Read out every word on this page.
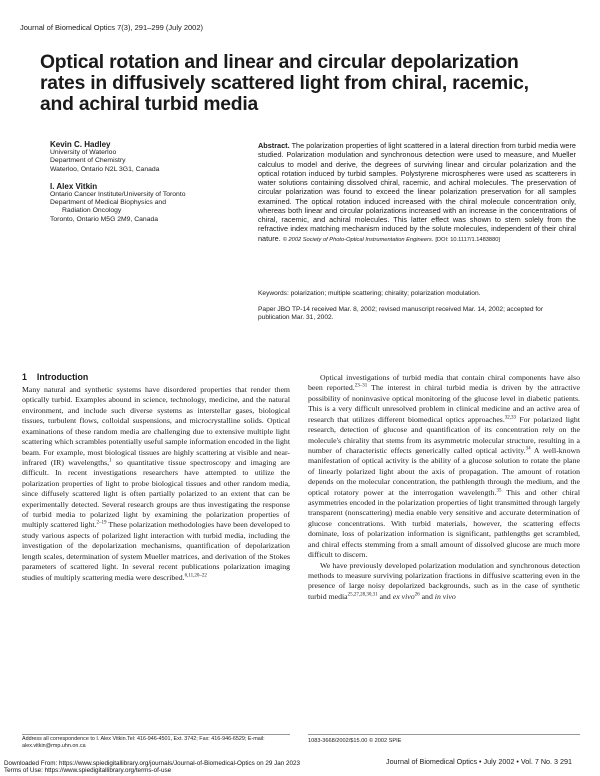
Journal of Biomedical Optics 7(3), 291–299 (July 2002)
Optical rotation and linear and circular depolarization rates in diffusively scattered light from chiral, racemic, and achiral turbid media
Kevin C. Hadley

University of Waterloo

Department of Chemistry

Waterloo, Ontario N2L 3G1, Canada

I. Alex Vitkin

Ontario Cancer Institute/University of Toronto

Department of Medical Biophysics and

Radiation Oncology

Toronto, Ontario M5G 2M9, Canada

Abstract. The polarization properties of light scattered in a lateral direction from turbid media were studied. Polarization modulation and synchronous detection were used to measure, and Mueller calculus to model and derive, the degrees of surviving linear and circular polarization and the optical rotation induced by turbid samples. Polystyrene microspheres were used as scatterers in water solutions containing dissolved chiral, racemic, and achiral molecules. The preservation of circular polarization was found to exceed the linear polarization preservation for all samples examined. The optical rotation induced increased with the chiral molecule concentration only, whereas both linear and circular polarizations increased with an increase in the concentrations of chiral, racemic, and achiral molecules. This latter effect was shown to stem solely from the refractive index matching mechanism induced by the solute molecules, independent of their chiral nature. © 2002 Society of Photo-Optical Instrumentation Engineers. [DOI: 10.1117/1.1483880]
Keywords: polarization; multiple scattering; chirality; polarization modulation.
Paper JBO TP-14 received Mar. 8, 2002; revised manuscript received Mar. 14, 2002; accepted for publication Mar. 31, 2002.
1 Introduction

Many natural and synthetic systems have disordered properties that render them optically turbid. Examples abound in science, technology, medicine, and the natural environment, and include such diverse systems as interstellar gases, biological tissues, turbulent flows, colloidal suspensions, and microcrystalline solids. Optical examinations of these random media are challenging due to extensive multiple light scattering which scrambles potentially useful sample information encoded in the light beam. For example, most biological tissues are highly scattering at visible and near-infrared (IR) wavelengths,$^1$ so quantitative tissue spectroscopy and imaging are difficult. In recent investigations researchers have attempted to utilize the polarization properties of light to probe biological tissues and other random media, since diffusely scattered light is often partially polarized to an extent that can be experimentally detected. Several research groups are thus investigating the response of turbid media to polarized light by examining the polarization properties of multiply scattered light.$^{2-19}$ These polarization methodologies have been developed to study various aspects of polarized light interaction with turbid media, including the investigation of the depolarization mechanisms, quantification of depolarization length scales, determination of system Mueller matrices, and derivation of the Stokes parameters of scattered light. In several recent publications polarization imaging studies of multiply scattering media were described.$^{6,11,20-22}$

Optical investigations of turbid media that contain chiral components have also been reported.$^{23-31}$ The interest in chiral turbid media is driven by the attractive possibility of noninvasive optical monitoring of the glucose level in diabetic patients. This is a very difficult unresolved problem in clinical medicine and an active area of research that utilizes different biomedical optics approaches.$^{32,33}$ For polarized light research, detection of glucose and quantification of its concentration rely on the molecule's chirality that stems from its asymmetric molecular structure, resulting in a number of characteristic effects generically called optical activity.$^{34}$ A well-known manifestation of optical activity is the ability of a glucose solution to rotate the plane of linearly polarized light about the axis of propagation. The amount of rotation depends on the molecular concentration, the pathlength through the medium, and the optical rotatory power at the interrogation wavelength.$^{35}$ This and other chiral asymmetries encoded in the polarization properties of light transmitted through largely transparent (nonscattering) media enable very sensitive and accurate determination of glucose concentrations. With turbid materials, however, the scattering effects dominate, loss of polarization information is significant, pathlengths get scrambled, and chiral effects stemming from a small amount of dissolved glucose are much more difficult to discern.

We have previously developed polarization modulation and synchronous detection methods to measure surviving polarization fractions in diffusive scattering even in the presence of large noisy depolarized backgrounds, such as in the case of synthetic turbid media$^{25,27,28,30,31}$ and ex vivo$^{26}$ and in vivo

Address all correspondence to I. Alex Vitkin.Tel: 416-946-4501, Ext. 3742; Fax: 416-946-6529; E-mail: alex.vitkin@rmp.uhn.on.ca
1083-3668/2002/$15.00 © 2002 SPIE
Journal of Biomedical Optics • July 2002 • Vol. 7 No. 3 291
Downloaded From: https://www.spiedigitallibrary.org/journals/Journal-of-Biomedical-Optics on 29 Jan 2023
Terms of Use: https://www.spiedigitallibrary.org/terms-of-use
